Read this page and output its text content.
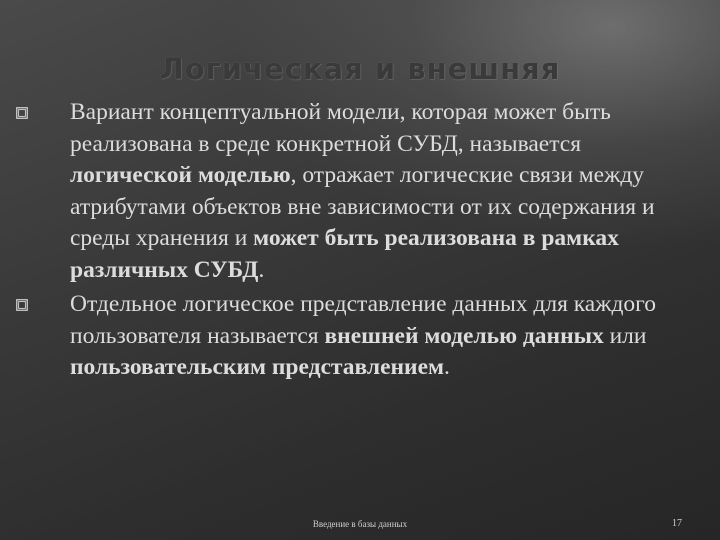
Логическая и внешняя
Вариант концептуальной модели, которая может быть реализована в среде конкретной СУБД, называется логической моделью, отражает логические связи между атрибутами объектов вне зависимости от их содержания и среды хранения и может быть реализована в рамках различных СУБД.
Отдельное логическое представление данных для каждого пользователя называется внешней моделью данных или пользовательским представлением.
Введение в базы данных	17
